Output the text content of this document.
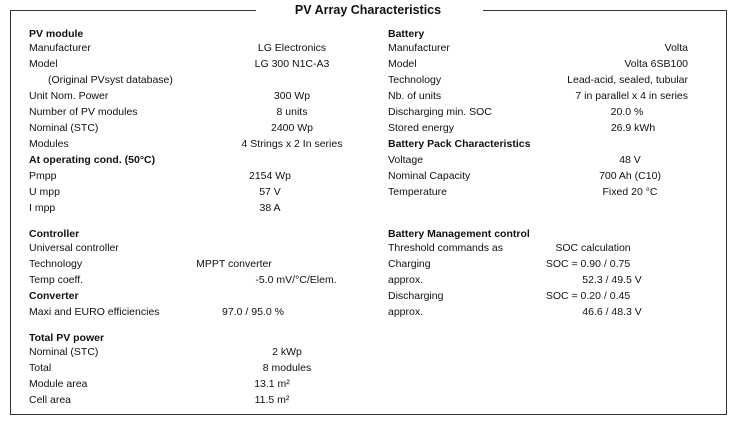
PV Array Characteristics
PV module
Manufacturer	LG Electronics
Model	LG 300 N1C-A3
(Original PVsyst database)
Unit Nom. Power	300 Wp
Number of PV modules	8 units
Nominal (STC)	2400 Wp
Modules	4 Strings x 2 In series
At operating cond. (50°C)
Pmpp	2154 Wp
U mpp	57 V
I mpp	38 A
Controller
Universal controller
Technology	MPPT converter
Temp coeff.	-5.0 mV/°C/Elem.
Converter
Maxi and EURO efficiencies	97.0 / 95.0 %
Total PV power
Nominal (STC)	2 kWp
Total	8 modules
Module area	13.1 m²
Cell area	11.5 m²
Battery
Manufacturer	Volta
Model	Volta 6SB100
Technology	Lead-acid, sealed, tubular
Nb. of units	7 in parallel x 4 in series
Discharging min. SOC	20.0 %
Stored energy	26.9 kWh
Battery Pack Characteristics
Voltage	48 V
Nominal Capacity	700 Ah (C10)
Temperature	Fixed 20 °C
Battery Management control
Threshold commands as	SOC calculation
Charging	SOC = 0.90 / 0.75
approx.	52.3 / 49.5 V
Discharging	SOC = 0.20 / 0.45
approx.	46.6 / 48.3 V
